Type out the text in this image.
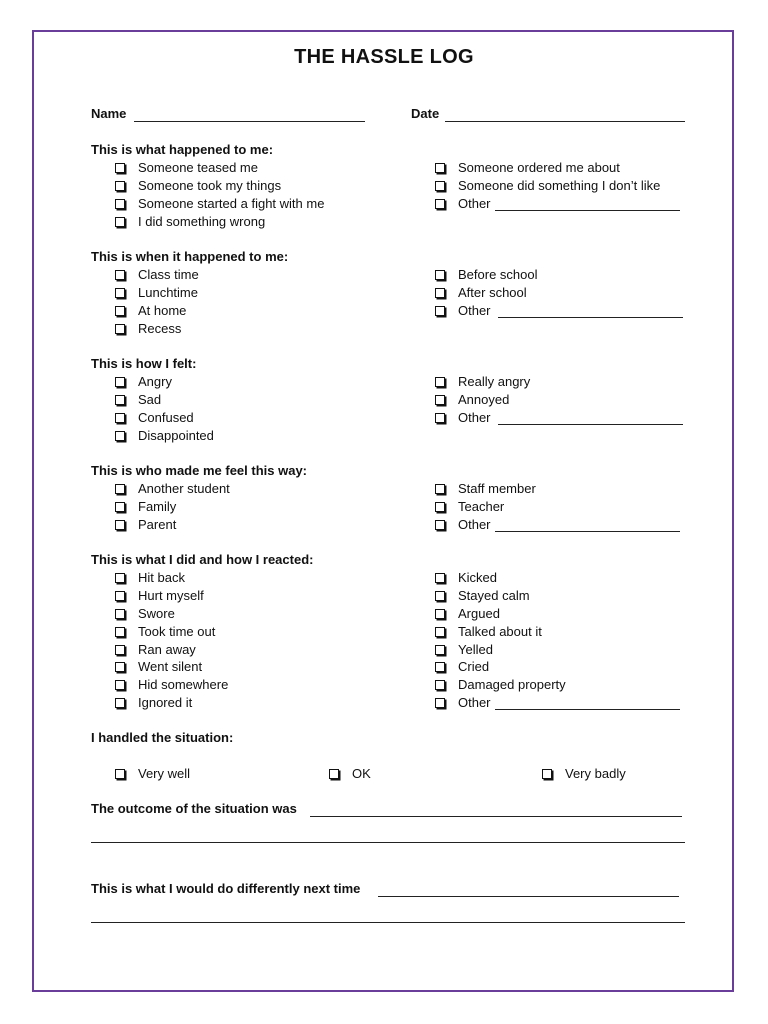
THE HASSLE LOG
Name	Date
This is what happened to me:
Someone teased me
Someone took my things
Someone started a fight with me
I did something wrong
Someone ordered me about
Someone did something I don’t like
Other
This is when it happened to me:
Class time
Lunchtime
At home
Recess
Before school
After school
Other
This is how I felt:
Angry
Sad
Confused
Disappointed
Really angry
Annoyed
Other
This is who made me feel this way:
Another student
Family
Parent
Staff member
Teacher
Other
This is what I did and how I reacted:
Hit back
Hurt myself
Swore
Took time out
Ran away
Went silent
Hid somewhere
Ignored it
Kicked
Stayed calm
Argued
Talked about it
Yelled
Cried
Damaged property
Other
I handled the situation:
Very well	OK	Very badly
The outcome of the situation was
This is what I would do differently next time
